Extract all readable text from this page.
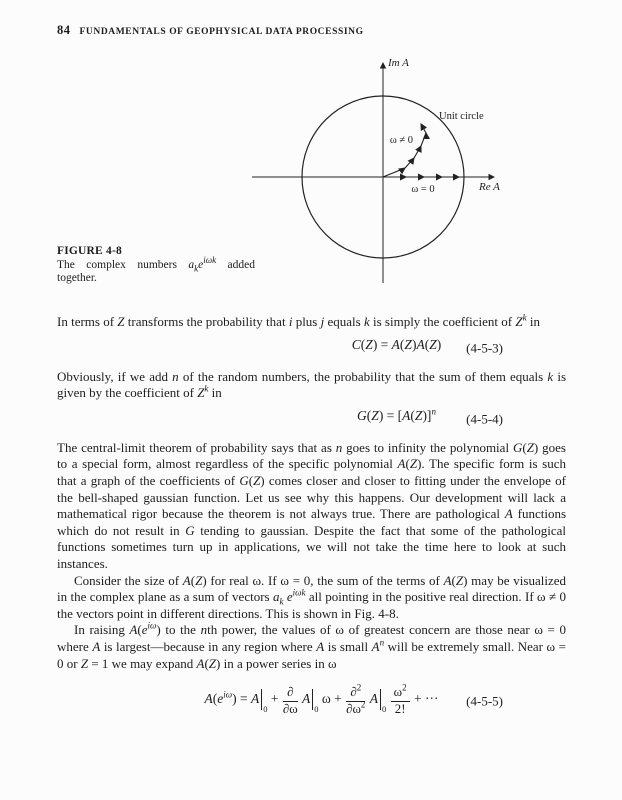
84 FUNDAMENTALS OF GEOPHYSICAL DATA PROCESSING
Im A
Re A
Unit circle
ω ≠ 0
ω = 0
FIGURE 4-8
The complex numbers $a_ke^{i\omega k}$ added together.

In terms of Z transforms the probability that i plus j equals k is simply the coefficient of $Z^k$ in

C(Z) = A(Z)A(Z)	(4-5-3)

Obviously, if we add n of the random numbers, the probability that the sum of them equals k is given by the coefficient of $Z^k$ in

$G(Z) = [A(Z)]^n$
(4-5-4)

The central-limit theorem of probability says that as n goes to infinity the polynomial G(Z) goes to a special form, almost regardless of the specific polynomial A(Z). The specific form is such that a graph of the coefficients of G(Z) comes closer and closer to fitting under the envelope of the bell-shaped gaussian function. Let us see why this happens. Our development will lack a mathematical rigor because the theorem is not always true. There are pathological A functions which do not result in G tending to gaussian. Despite the fact that some of the pathological functions sometimes turn up in applications, we will not take the time here to look at such instances.

Consider the size of A(Z) for real ω. If ω = 0, the sum of the terms of A(Z) may be visualized in the complex plane as a sum of vectors $a_k$ $e^{i\omega k}$ all pointing in the positive real direction. If ω ≠ 0 the vectors point in different directions. This is shown in Fig. 4-8.

In raising $A(e^{i\omega})$ to the nth power, the values of ω of greatest concern are those near ω = 0 where A is largest—because in any region where A is small $A^n$ will be extremely small. Near ω = 0 or Z = 1 we may expand A(Z) in a power series in ω

$A(e^{i\omega}) = A_0 + \frac{\partial}{\partial\omega} A_0$ $\omega + \frac{\partial^2}{\partial\omega^2} A_0 \frac{\omega^2}{2!}$ + ···	(4-5-5)
